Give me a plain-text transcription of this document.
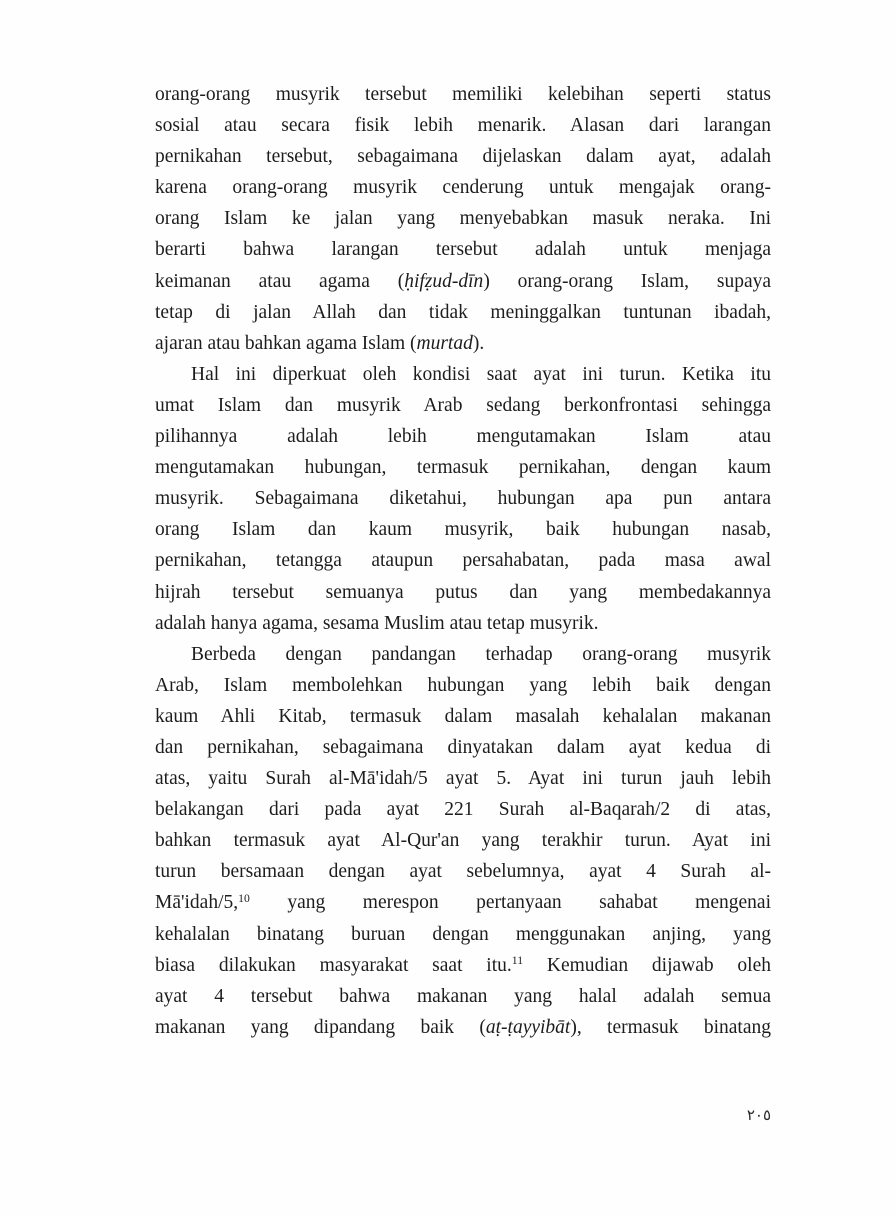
orang-orang musyrik tersebut memiliki kelebihan seperti status
sosial atau secara fisik lebih menarik. Alasan dari larangan
pernikahan tersebut, sebagaimana dijelaskan dalam ayat, adalah
karena orang-orang musyrik cenderung untuk mengajak orang-
orang Islam ke jalan yang menyebabkan masuk neraka. Ini
berarti bahwa larangan tersebut adalah untuk menjaga
keimanan atau agama (ḥifẓud-dīn) orang-orang Islam, supaya
tetap di jalan Allah dan tidak meninggalkan tuntunan ibadah,
ajaran atau bahkan agama Islam (murtad).
Hal ini diperkuat oleh kondisi saat ayat ini turun. Ketika itu
umat Islam dan musyrik Arab sedang berkonfrontasi sehingga
pilihannya adalah lebih mengutamakan Islam atau
mengutamakan hubungan, termasuk pernikahan, dengan kaum
musyrik. Sebagaimana diketahui, hubungan apa pun antara
orang Islam dan kaum musyrik, baik hubungan nasab,
pernikahan, tetangga ataupun persahabatan, pada masa awal
hijrah tersebut semuanya putus dan yang membedakannya
adalah hanya agama, sesama Muslim atau tetap musyrik.
Berbeda dengan pandangan terhadap orang-orang musyrik
Arab, Islam membolehkan hubungan yang lebih baik dengan
kaum Ahli Kitab, termasuk dalam masalah kehalalan makanan
dan pernikahan, sebagaimana dinyatakan dalam ayat kedua di
atas, yaitu Surah al-Mā'idah/5 ayat 5. Ayat ini turun jauh lebih
belakangan dari pada ayat 221 Surah al-Baqarah/2 di atas,
bahkan termasuk ayat Al-Qur'an yang terakhir turun. Ayat ini
turun bersamaan dengan ayat sebelumnya, ayat 4 Surah al-
Mā'idah/5,10 yang merespon pertanyaan sahabat mengenai
kehalalan binatang buruan dengan menggunakan anjing, yang
biasa dilakukan masyarakat saat itu.$^{11}$ Kemudian dijawab oleh
ayat 4 tersebut bahwa makanan yang halal adalah semua
makanan yang dipandang baik (aṭ-ṭayyibāt), termasuk binatang
٢٠٥
